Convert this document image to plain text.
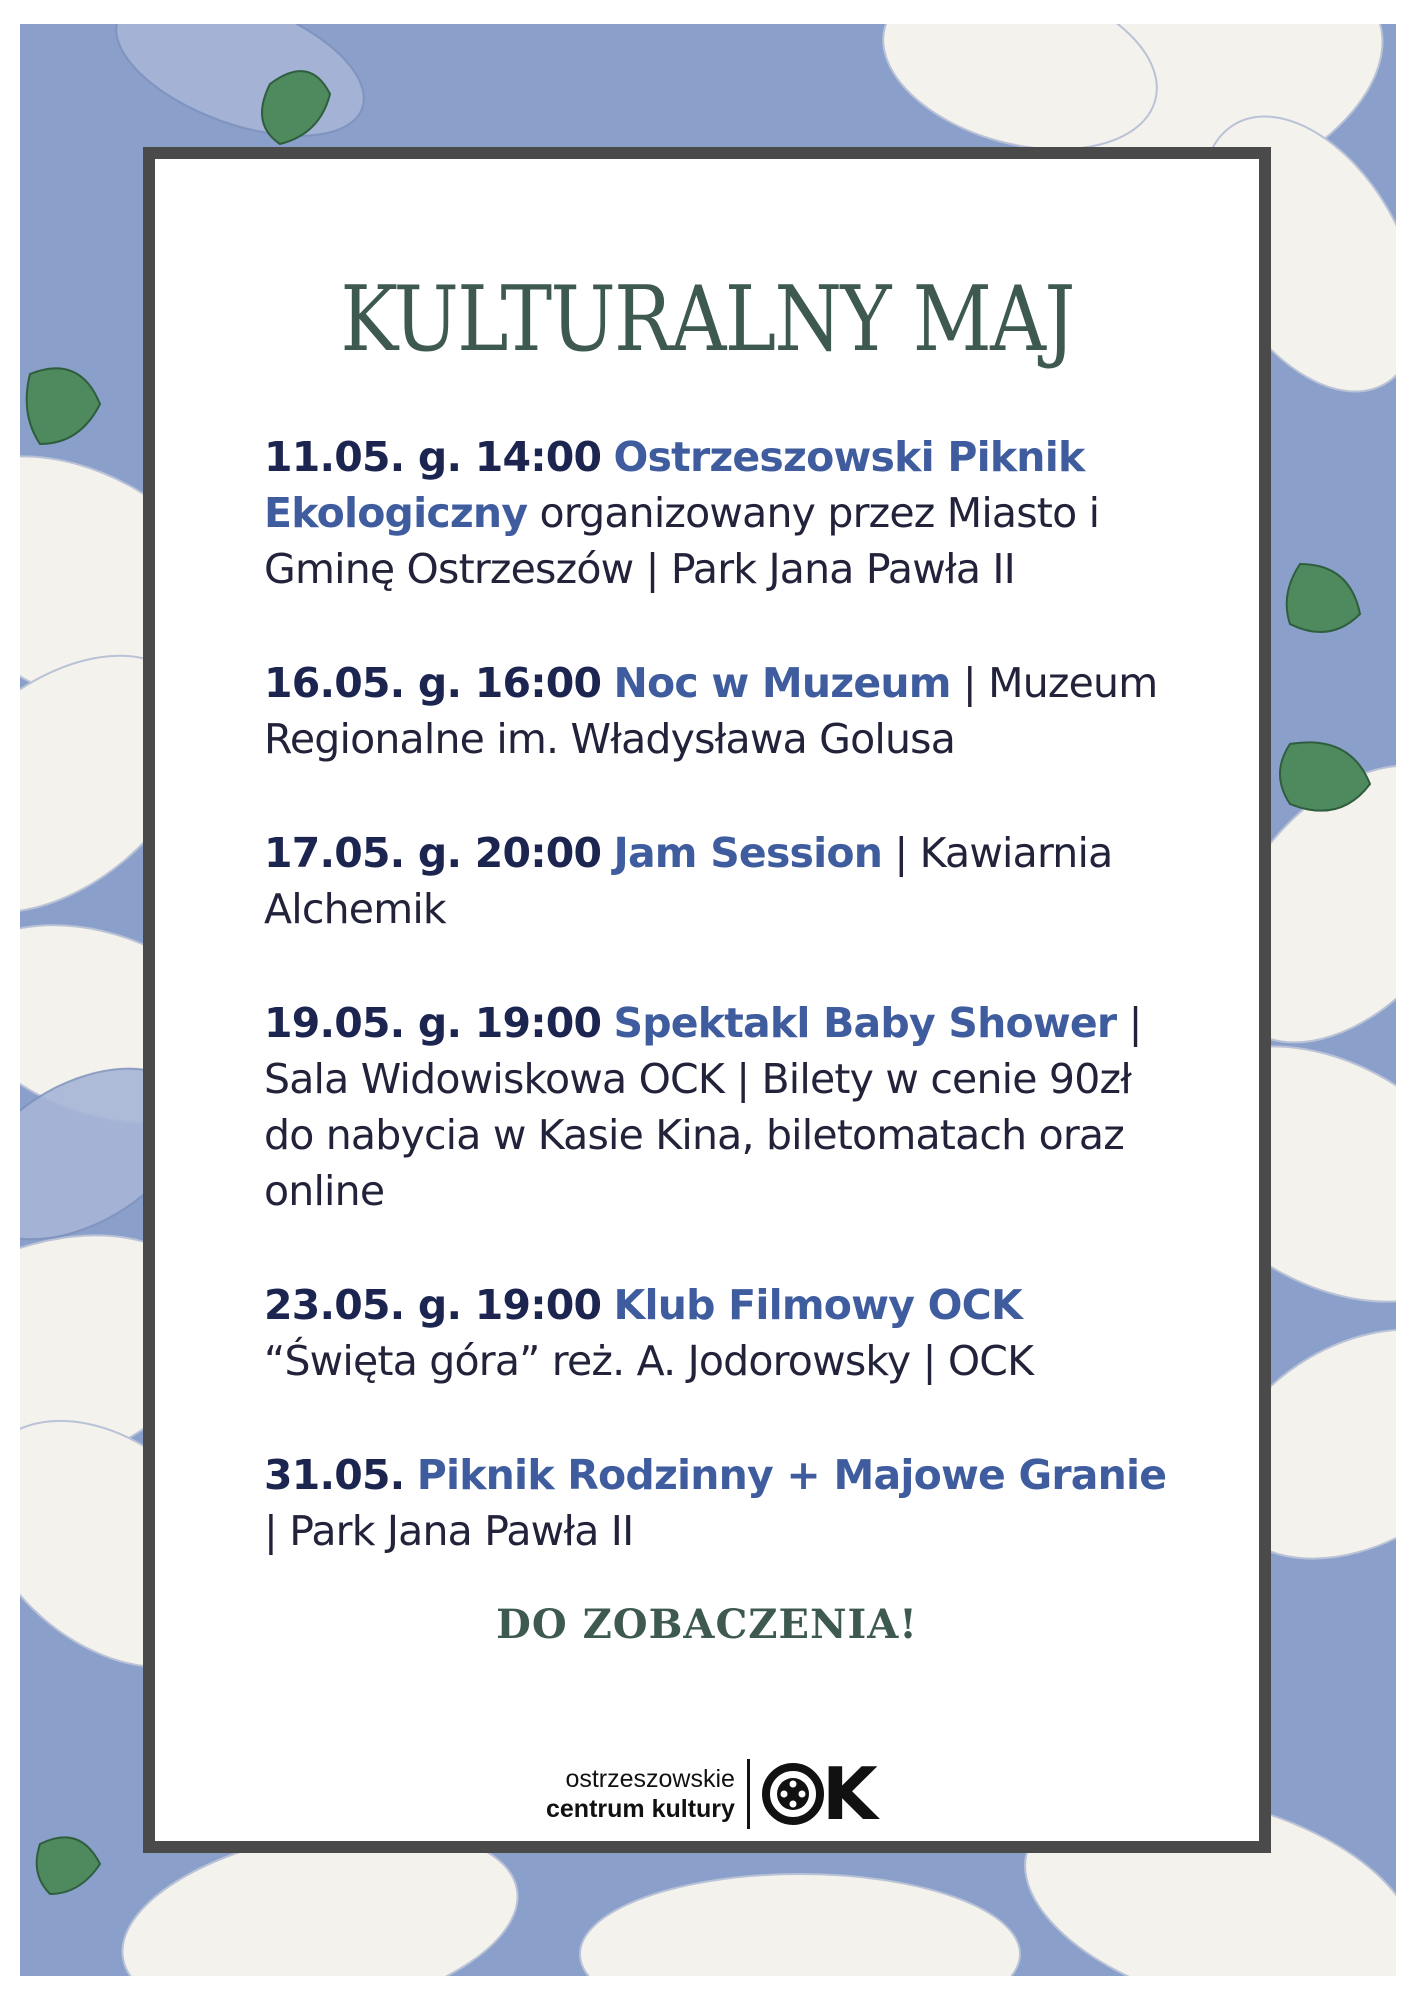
KULTURALNY MAJ
11.05. g. 14:00 Ostrzeszowski Piknik Ekologiczny organizowany przez Miasto i Gminę Ostrzeszów | Park Jana Pawła II
16.05. g. 16:00 Noc w Muzeum | Muzeum Regionalne im. Władysława Golusa
17.05. g. 20:00 Jam Session | Kawiarnia Alchemik
19.05. g. 19:00 Spektakl Baby Shower | Sala Widowiskowa OCK | Bilety w cenie 90zł do nabycia w Kasie Kina, biletomatach oraz online
23.05. g. 19:00 Klub Filmowy OCK
“Święta góra” reż. A. Jodorowsky | OCK
31.05. Piknik Rodzinny + Majowe Granie | Park Jana Pawła II
DO ZOBACZENIA!
ostrzeszowskie
centrum kultury K
